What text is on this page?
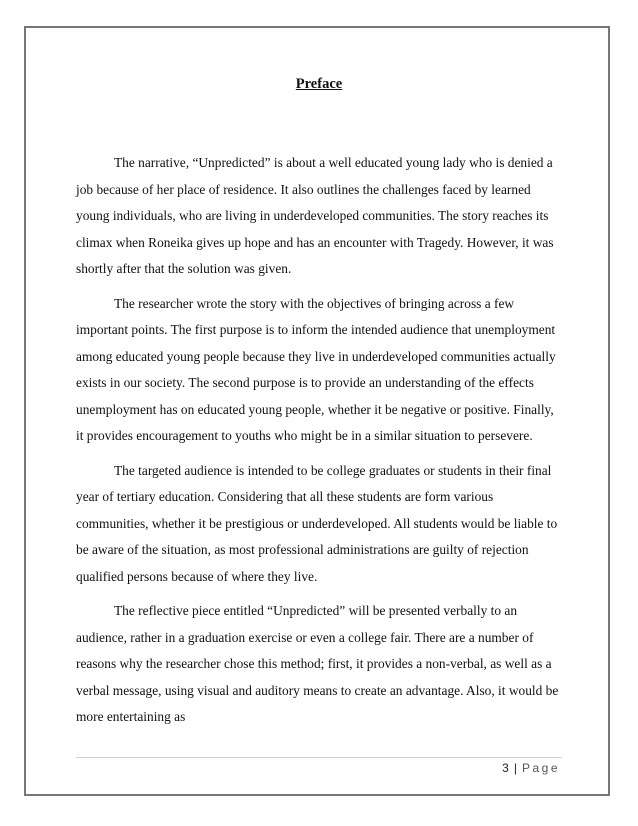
Preface

The narrative, “Unpredicted” is about a well educated young lady who is denied a job because of her place of residence. It also outlines the challenges faced by learned young individuals, who are living in underdeveloped communities. The story reaches its climax when Roneika gives up hope and has an encounter with Tragedy. However, it was shortly after that the solution was given.

The researcher wrote the story with the objectives of bringing across a few important points. The first purpose is to inform the intended audience that unemployment among educated young people because they live in underdeveloped communities actually exists in our society. The second purpose is to provide an understanding of the effects unemployment has on educated young people, whether it be negative or positive. Finally, it provides encouragement to youths who might be in a similar situation to persevere.

The targeted audience is intended to be college graduates or students in their final year of tertiary education. Considering that all these students are form various communities, whether it be prestigious or underdeveloped. All students would be liable to be aware of the situation, as most professional administrations are guilty of rejection qualified persons because of where they live.

The reflective piece entitled “Unpredicted” will be presented verbally to an audience, rather in a graduation exercise or even a college fair. There are a number of reasons why the researcher chose this method; first, it provides a non-verbal, as well as a verbal message, using visual and auditory means to create an advantage. Also, it would be more entertaining as

3 | Page
